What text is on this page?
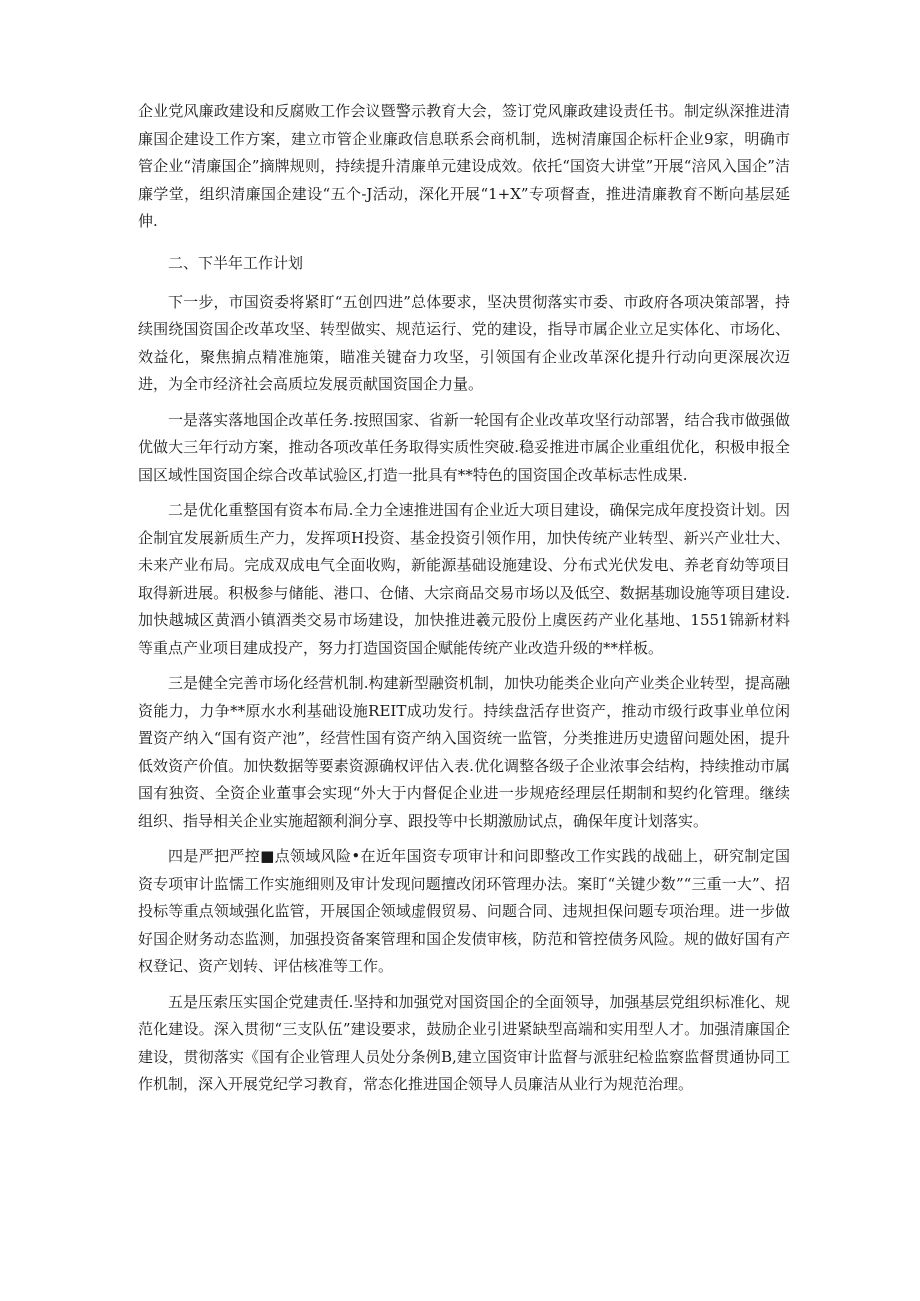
企业党风廉政建设和反腐败工作会议暨警示教育大会，签订党风廉政建设责任书。制定纵深推进清廉国企建设工作方案，建立市管企业廉政信息联系会商机制，选树清廉国企标杆企业9家，明确市管企业“清廉国企”摘牌规则，持续提升清廉单元建设成效。依托“国资大讲堂”开展“涪风入国企”洁廉学堂，组织清廉国企建设“五个-J活动，深化开展“1+X”专项督查，推进清廉教育不断向基层延伸.

二、下半年工作计划

下一步，市国资委将紧盯“五创四进”总体要求，坚决贯彻落实市委、市政府各项决策部署，持续围绕国资国企改革攻坚、转型做实、规范运行、党的建设，指导市属企业立足实体化、市场化、效益化，聚焦掮点精准施策，瞄准关键奋力攻坚，引领国有企业改革深化提升行动向更深展次迈进，为全市经济社会高质垃发展贡献国资国企力量。

一是落实落地国企改革任务.按照国家、省新一轮国有企业改革攻坚行动部署，结合我市做强做优做大三年行动方案，推动各项改革任务取得实质性突破.稳妥推进市属企业重组优化，积极申报全国区域性国资国企综合改革试验区,打造一批具有**特色的国资国企改革标志性成果.

二是优化重整国有资本布局.全力全速推进国有企业近大项目建设，确保完成年度投资计划。因企制宜发展新质生产力，发挥项H投资、基金投资引领作用，加快传统产业转型、新兴产业壮大、未来产业布局。完成双成电气全面收购，新能源基础设施建设、分布式光伏发电、养老育幼等项目取得新进展。积极参与储能、港口、仓储、大宗商品交易市场以及低空、数据基珈设施等项目建设.加快越城区黄酒小镇酒类交易市场建设，加快推进羲元股份上虞医药产业化基地、1551锦新材料等重点产业项目建成投产，努力打造国资国企赋能传统产业改造升级的**样板。

三是健全完善市场化经营机制.构建新型融资机制，加快功能类企业向产业类企业转型，提高融资能力，力争**原水水利基础设施REIT成功发行。持续盘活存世资产，推动市级行政事业单位闲置资产纳入“国有资产池”，经营性国有资产纳入国资统一监管，分类推进历史遗留问题处困，提升低效资产价值。加快数据等要素资源确权评估入表.优化调整各级子企业浓事会结构，持续推动市属国有独资、全资企业董事会实现“外大于内督促企业进一步规疮经理层任期制和契约化管理。继续组织、指导相关企业实施超额利涧分享、跟投等中长期激励试点，确保年度计划落实。

四是严把严控■点领域风险•在近年国资专项审计和问即整改工作实践的战础上，研究制定国资专项审计监懦工作实施细则及审计发现问题擅改闭环管理办法。案盯“关键少数”“三重一大”、招投标等重点领域强化监管，开展国企领域虚假贸易、问题合同、违规担保问题专项治理。进一步做好国企财务动态监测，加强投资备案管理和国企发债审核，防范和管控债务风险。规的做好国有产权登记、资产划转、评估核准等工作。

五是压索压实国企党建责任.坚持和加强党对国资国企的全面领导，加强基层党组织标准化、规范化建设。深入贯彻“三支队伍”建设要求，鼓励企业引进紧缺型高端和实用型人才。加强清廉国企建设，贯彻落实《国有企业管理人员处分条例B,建立国资审计监督与派驻纪检监察监督贯通协同工作机制，深入开展党纪学习教育，常态化推进国企领导人员廉洁从业行为规范治理。
